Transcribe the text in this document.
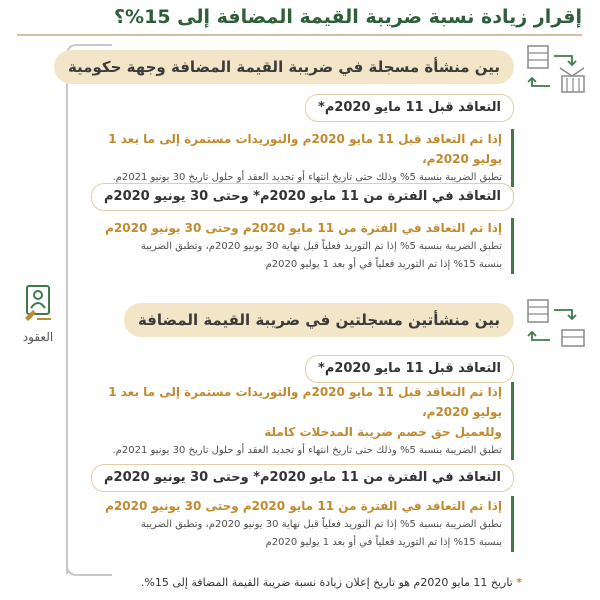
إقرار زيادة نسبة ضريبة القيمة المضافة إلى 15%؟
العقود
بين منشأة مسجلة في ضريبة القيمة المضافة وجهة حكومية
التعاقد قبل 11 مايو 2020م*
إذا تم التعاقد قبل 11 مايو 2020م والتوريدات مستمرة إلى ما بعد 1 يوليو 2020م،
تطبق الضريبة بنسبة 5% وذلك حتى تاريخ انتهاء أو تجديد العقد أو حلول تاريخ 30 يونيو 2021م.
التعاقد في الفترة من 11 مايو 2020م* وحتى 30 يونيو 2020م
إذا تم التعاقد في الفترة من 11 مايو 2020م وحتى 30 يونيو 2020م
تطبق الضريبة بنسبة 5% إذا تم التوريد فعلياً قبل نهاية 30 يونيو 2020م، وتطبق الضريبة
بنسبة 15% إذا تم التوريد فعلياً في أو بعد 1 يوليو 2020م
بين منشأتين مسجلتين في ضريبة القيمة المضافة
التعاقد قبل 11 مايو 2020م*
إذا تم التعاقد قبل 11 مايو 2020م والتوريدات مستمرة إلى ما بعد 1 يوليو 2020م،
وللعميل حق خصم ضريبة المدخلات كاملة
تطبق الضريبة بنسبة 5% وذلك حتى تاريخ انتهاء أو تجديد العقد أو حلول تاريخ 30 يونيو 2021م.
التعاقد في الفترة من 11 مايو 2020م* وحتى 30 يونيو 2020م
إذا تم التعاقد في الفترة من 11 مايو 2020م وحتى 30 يونيو 2020م
تطبق الضريبة بنسبة 5% إذا تم التوريد فعلياً قبل نهاية 30 يونيو 2020م، وتطبق الضريبة
بنسبة 15% إذا تم التوريد فعلياً في أو بعد 1 يوليو 2020م
* تاريخ 11 مايو 2020م هو تاريخ إعلان زيادة نسبة ضريبة القيمة المضافة إلى 15%.
